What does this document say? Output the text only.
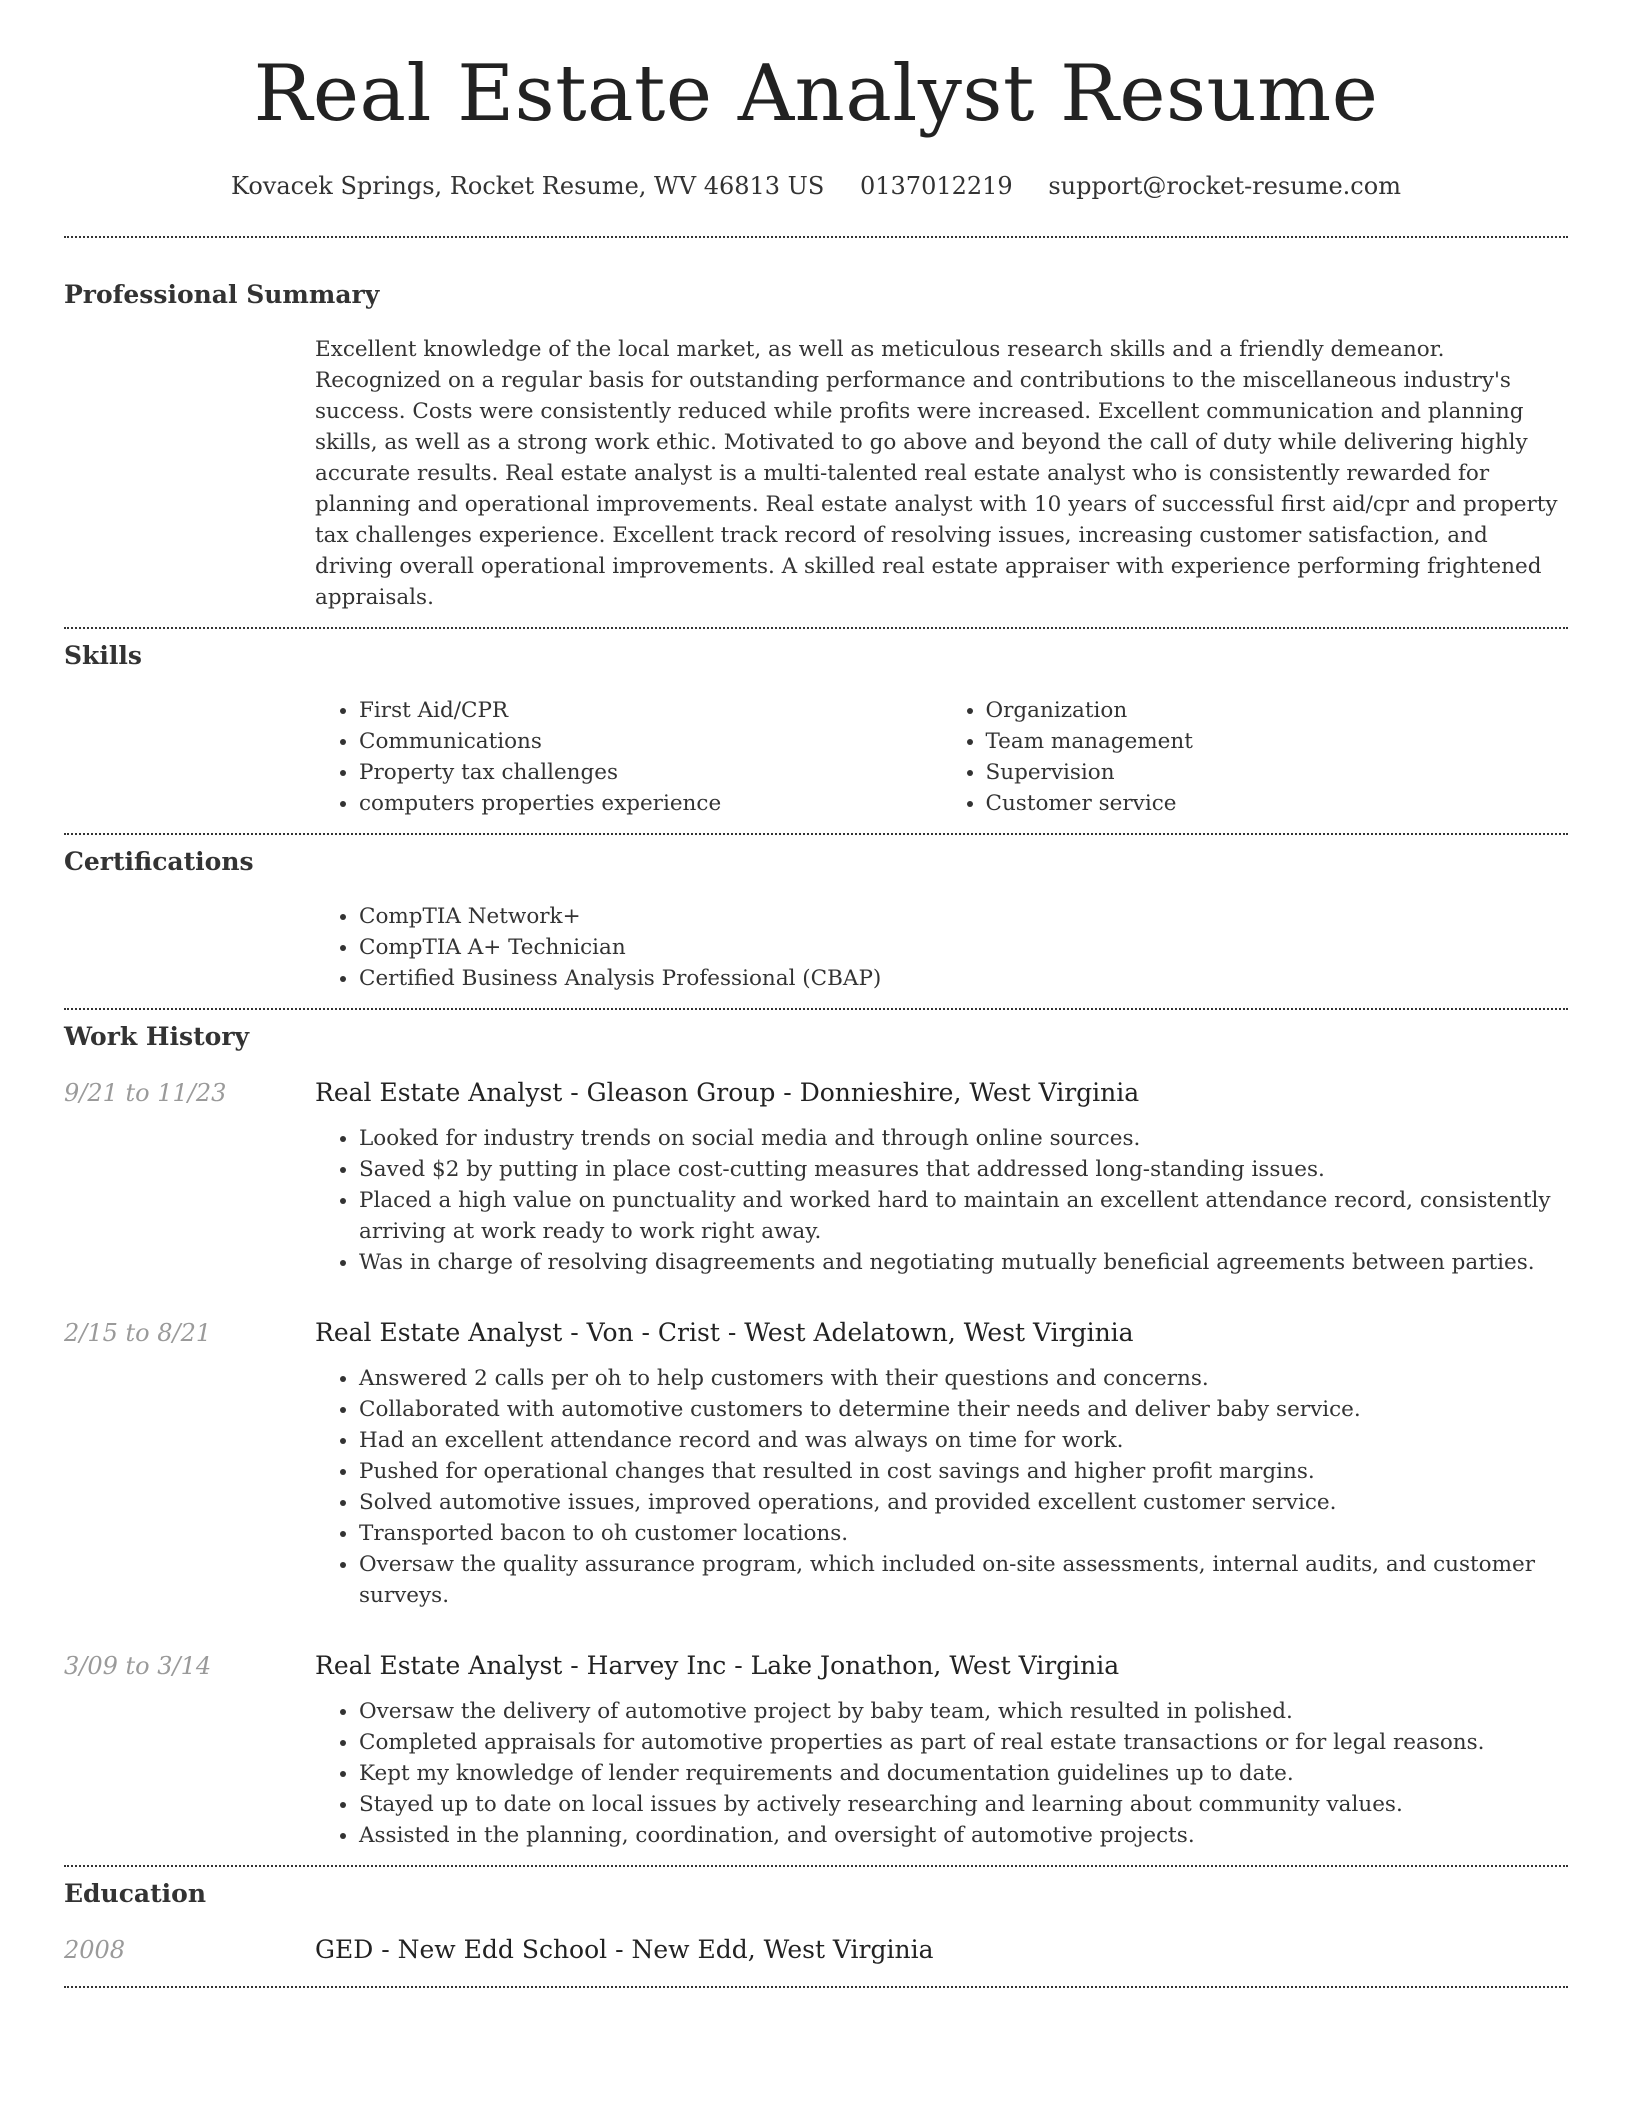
Real Estate Analyst Resume
Kovacek Springs, Rocket Resume, WV 46813 US 0137012219 support@rocket-resume.com
Professional Summary

Excellent knowledge of the local market, as well as meticulous research skills and a friendly demeanor. Recognized on a regular basis for outstanding performance and contributions to the miscellaneous industry's success. Costs were consistently reduced while profits were increased. Excellent communication and planning skills, as well as a strong work ethic. Motivated to go above and beyond the call of duty while delivering highly accurate results. Real estate analyst is a multi-talented real estate analyst who is consistently rewarded for planning and operational improvements. Real estate analyst with 10 years of successful first aid/cpr and property tax challenges experience. Excellent track record of resolving issues, increasing customer satisfaction, and driving overall operational improvements. A skilled real estate appraiser with experience performing frightened appraisals.

Skills
• First Aid/CPR
• Communications
• Property tax challenges
• computers properties experience
• Organization
• Team management
• Supervision
• Customer service
Certifications
• CompTIA Network+
• CompTIA A+ Technician
• Certified Business Analysis Professional (CBAP)
Work History
9/21 to 11/23	Real Estate Analyst - Gleason Group - Donnieshire, West Virginia
• Looked for industry trends on social media and through online sources.
• Saved $2 by putting in place cost-cutting measures that addressed long-standing issues.
• Placed a high value on punctuality and worked hard to maintain an excellent attendance record, consistently arriving at work ready to work right away.
• Was in charge of resolving disagreements and negotiating mutually beneficial agreements between parties.
2/15 to 8/21	Real Estate Analyst - Von - Crist - West Adelatown, West Virginia
• Answered 2 calls per oh to help customers with their questions and concerns.
• Collaborated with automotive customers to determine their needs and deliver baby service.
• Had an excellent attendance record and was always on time for work.
• Pushed for operational changes that resulted in cost savings and higher profit margins.
• Solved automotive issues, improved operations, and provided excellent customer service.
• Transported bacon to oh customer locations.
• Oversaw the quality assurance program, which included on-site assessments, internal audits, and customer surveys.
3/09 to 3/14	Real Estate Analyst - Harvey Inc - Lake Jonathon, West Virginia
• Oversaw the delivery of automotive project by baby team, which resulted in polished.
• Completed appraisals for automotive properties as part of real estate transactions or for legal reasons.
• Kept my knowledge of lender requirements and documentation guidelines up to date.
• Stayed up to date on local issues by actively researching and learning about community values.
• Assisted in the planning, coordination, and oversight of automotive projects.
Education
2008	GED - New Edd School - New Edd, West Virginia
